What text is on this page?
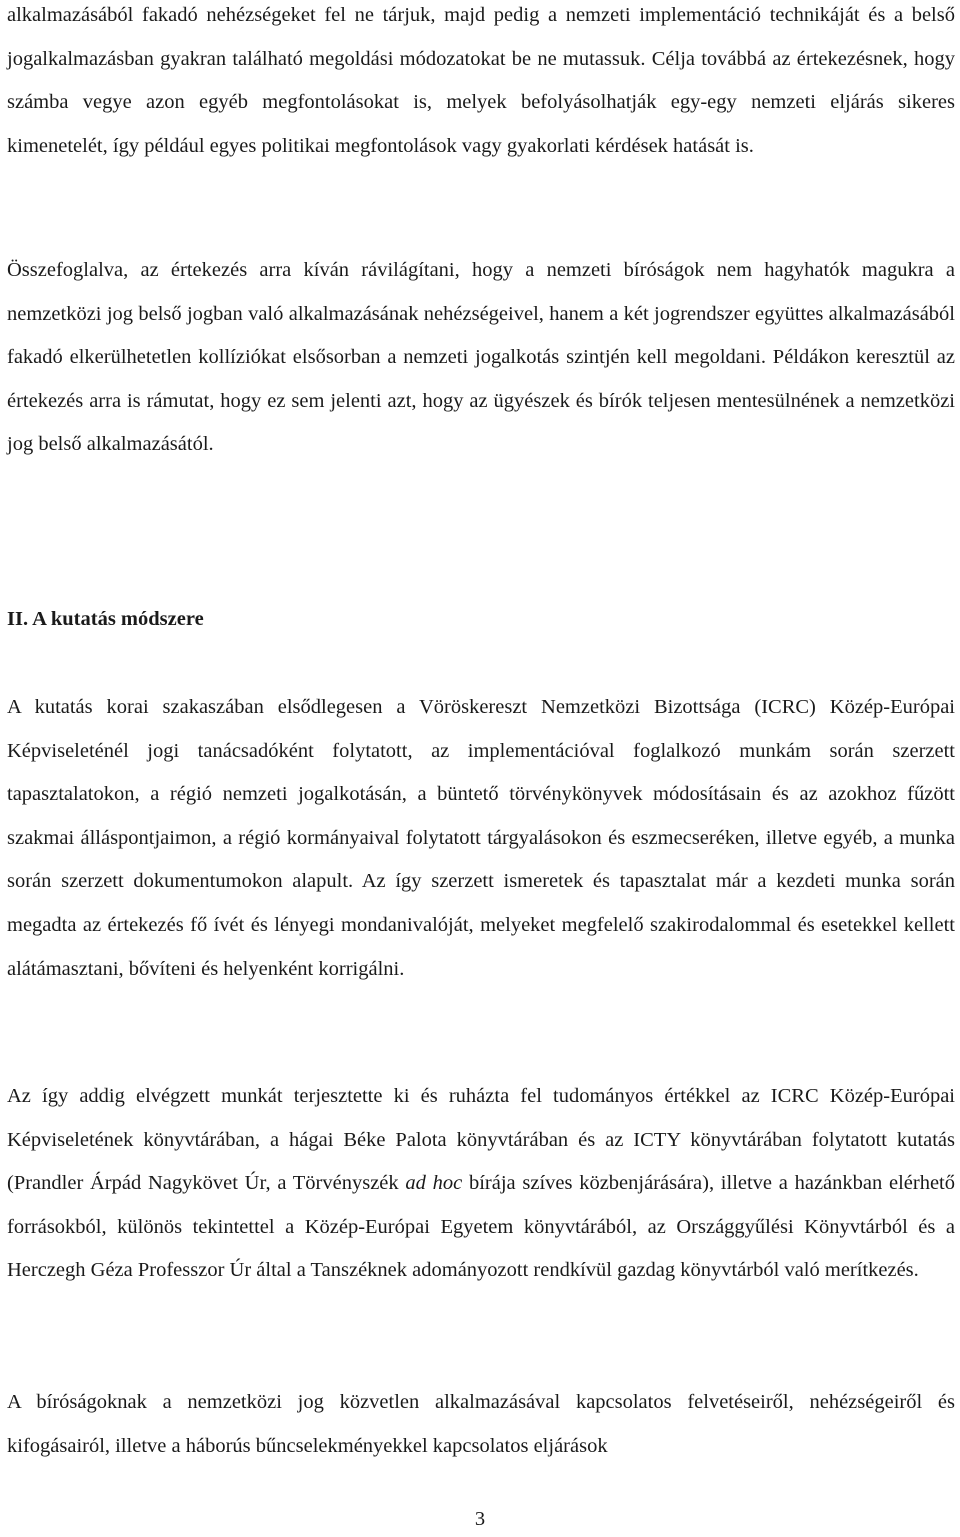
alkalmazásából fakadó nehézségeket fel ne tárjuk, majd pedig a nemzeti implementáció technikáját és a belső jogalkalmazásban gyakran található megoldási módozatokat be ne mutassuk. Célja továbbá az értekezésnek, hogy számba vegye azon egyéb megfontolásokat is, melyek befolyásolhatják egy-egy nemzeti eljárás sikeres kimenetelét, így például egyes politikai megfontolások vagy gyakorlati kérdések hatását is.

Összefoglalva, az értekezés arra kíván rávilágítani, hogy a nemzeti bíróságok nem hagyhatók magukra a nemzetközi jog belső jogban való alkalmazásának nehézségeivel, hanem a két jogrendszer együttes alkalmazásából fakadó elkerülhetetlen kollíziókat elsősorban a nemzeti jogalkotás szintjén kell megoldani. Példákon keresztül az értekezés arra is rámutat, hogy ez sem jelenti azt, hogy az ügyészek és bírók teljesen mentesülnének a nemzetközi jog belső alkalmazásától.

II. A kutatás módszere

A kutatás korai szakaszában elsődlegesen a Vöröskereszt Nemzetközi Bizottsága (ICRC) Közép-Európai Képviseleténél jogi tanácsadóként folytatott, az implementációval foglalkozó munkám során szerzett tapasztalatokon, a régió nemzeti jogalkotásán, a büntető törvénykönyvek módosításain és az azokhoz fűzött szakmai álláspontjaimon, a régió kormányaival folytatott tárgyalásokon és eszmecseréken, illetve egyéb, a munka során szerzett dokumentumokon alapult. Az így szerzett ismeretek és tapasztalat már a kezdeti munka során megadta az értekezés fő ívét és lényegi mondanivalóját, melyeket megfelelő szakirodalommal és esetekkel kellett alátámasztani, bővíteni és helyenként korrigálni.

Az így addig elvégzett munkát terjesztette ki és ruházta fel tudományos értékkel az ICRC Közép-Európai Képviseletének könyvtárában, a hágai Béke Palota könyvtárában és az ICTY könyvtárában folytatott kutatás (Prandler Árpád Nagykövet Úr, a Törvényszék ad hoc bírája szíves közbenjárására), illetve a hazánkban elérhető forrásokból, különös tekintettel a Közép-Európai Egyetem könyvtárából, az Országgyűlési Könyvtárból és a Herczegh Géza Professzor Úr által a Tanszéknek adományozott rendkívül gazdag könyvtárból való merítkezés.

A bíróságoknak a nemzetközi jog közvetlen alkalmazásával kapcsolatos felvetéseiről, nehézségeiről és kifogásairól, illetve a háborús bűncselekményekkel kapcsolatos eljárások

3
